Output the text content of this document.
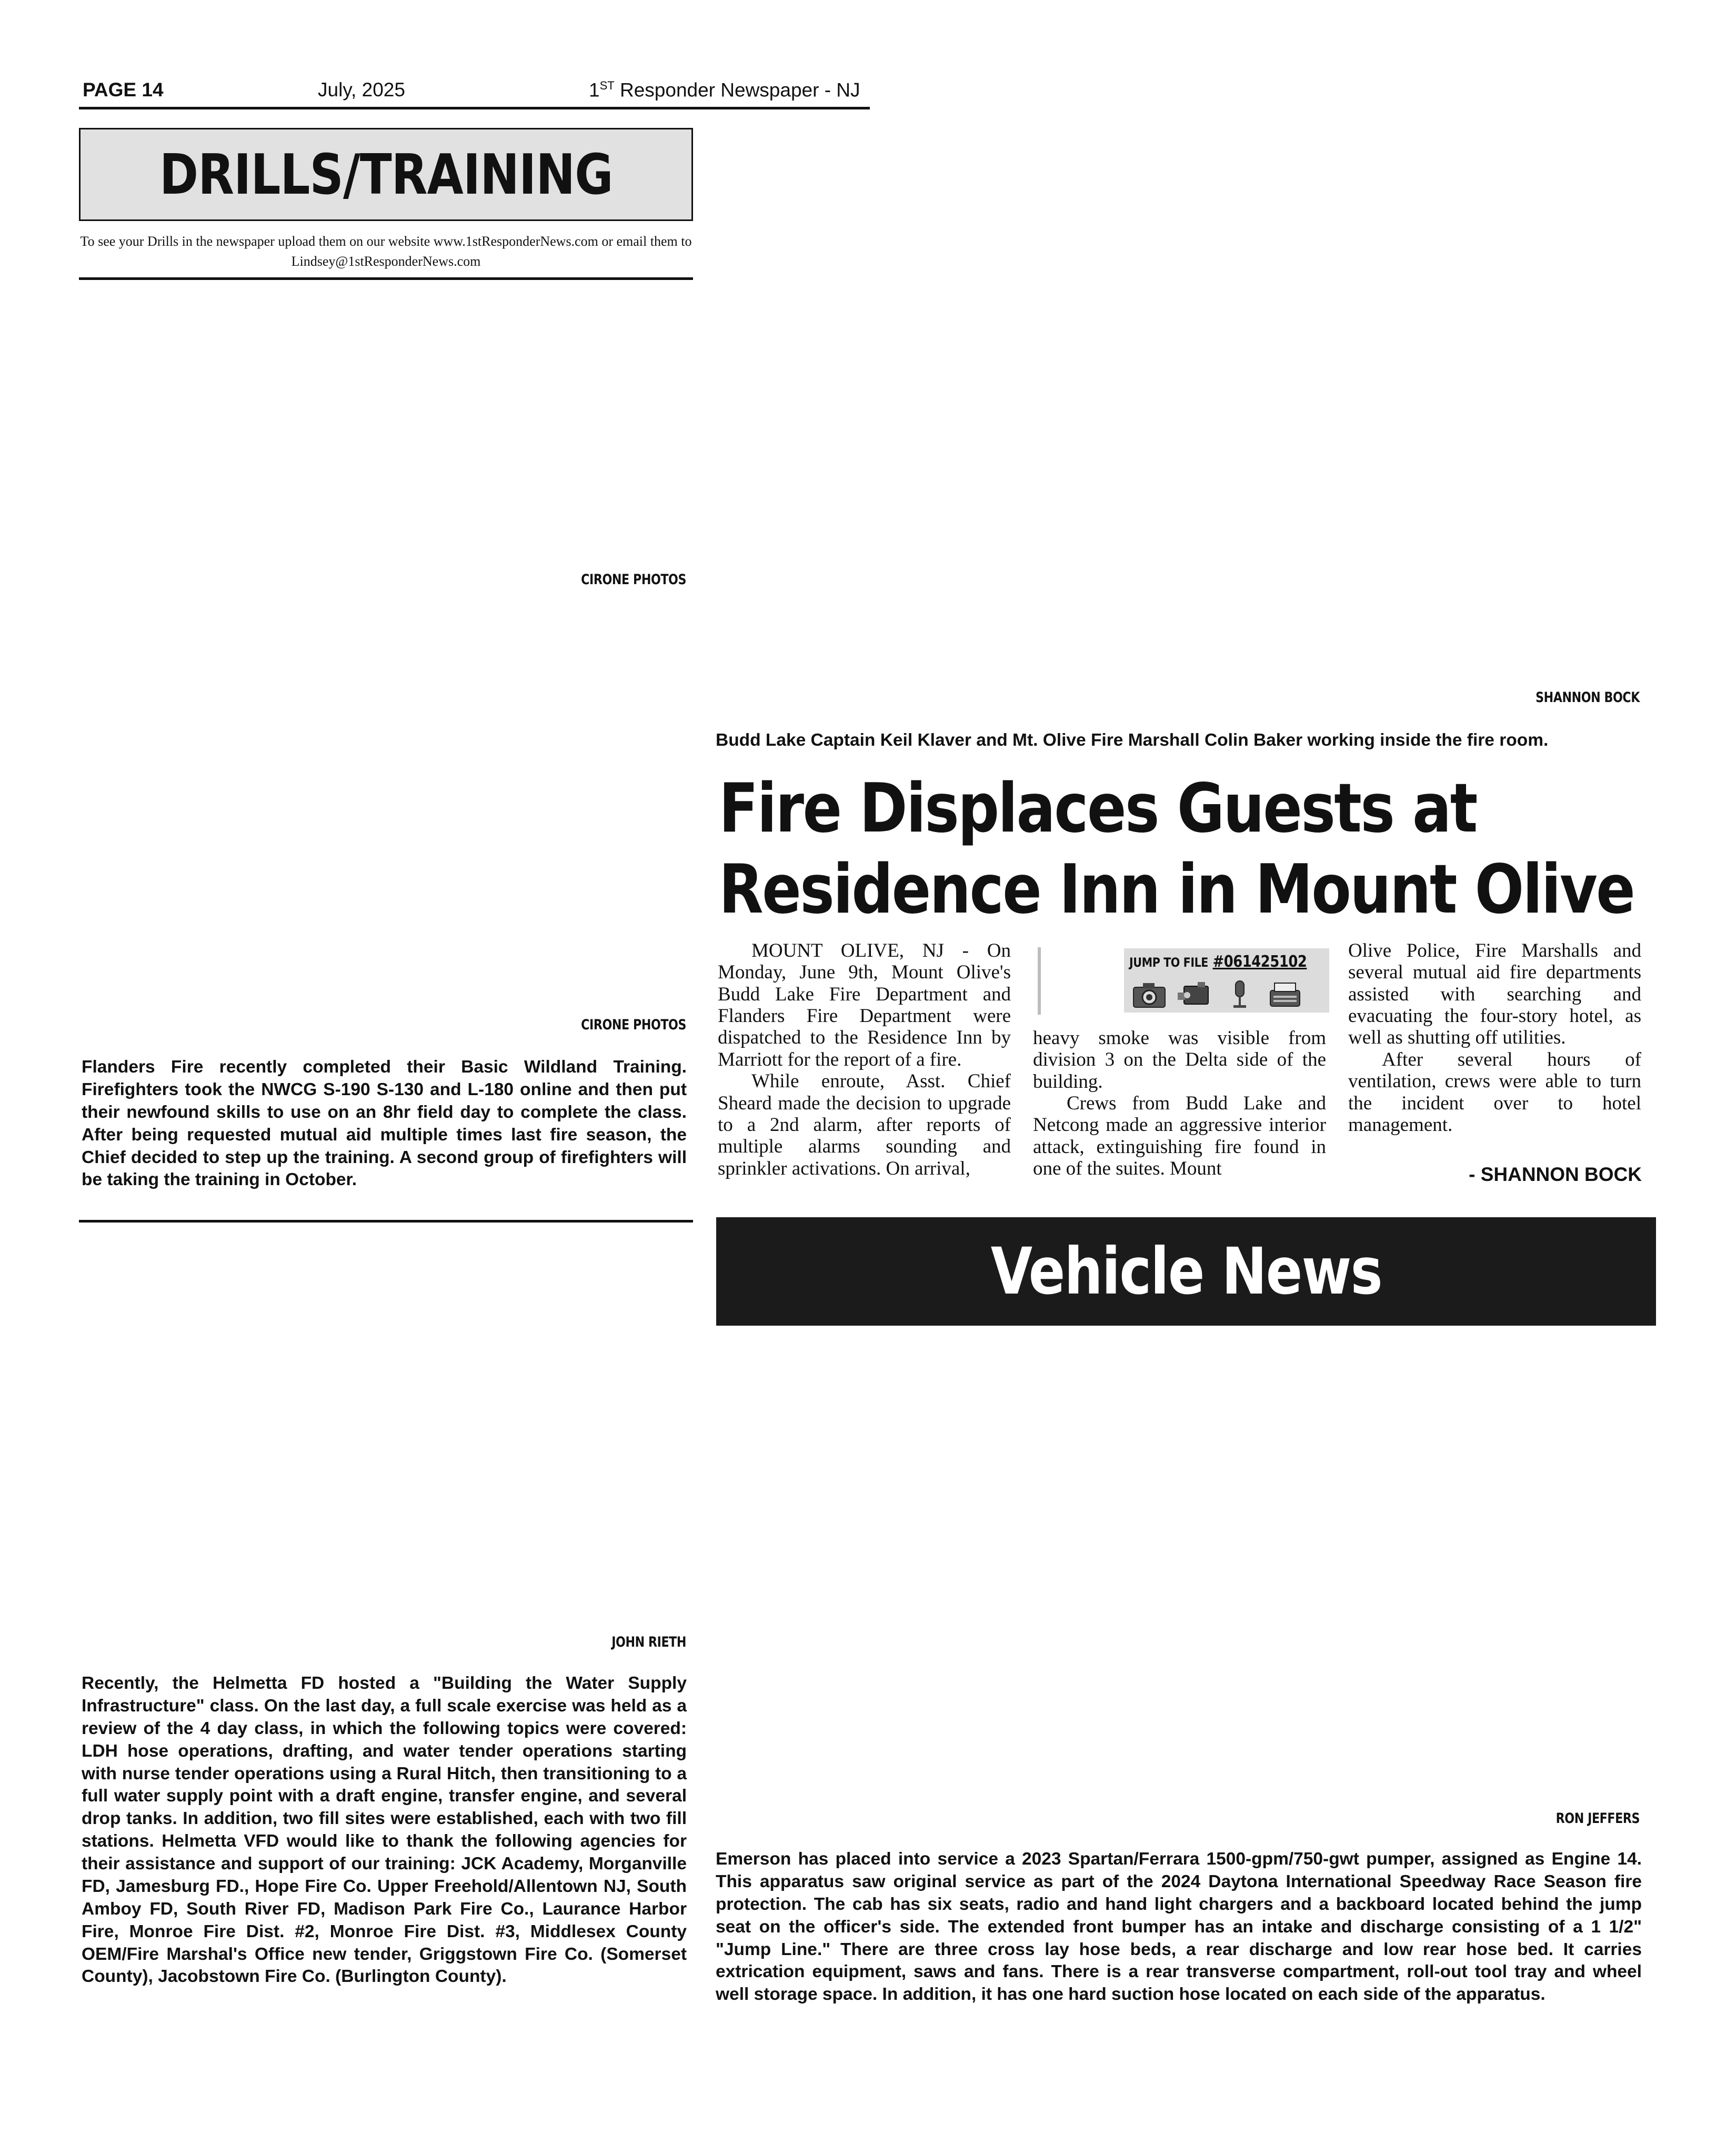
PAGE 14	July, 2025	1ST Responder Newspaper - NJ
DRILLS/TRAINING
To see your Drills in the newspaper upload them on our website www.1stResponderNews.com or email them to Lindsey@1stResponderNews.com
CIRONE PHOTOS
CIRONE PHOTOS
Flanders Fire recently completed their Basic Wildland Training. Firefighters took the NWCG S-190 S-130 and L-180 online and then put their newfound skills to use on an 8hr field day to complete the class. After being requested mutual aid multiple times last fire season, the Chief decided to step up the training. A second group of firefighters will be taking the training in October.
JOHN RIETH
Recently, the Helmetta FD hosted a "Building the Water Supply Infrastructure" class. On the last day, a full scale exercise was held as a review of the 4 day class, in which the following topics were covered: LDH hose operations, drafting, and water tender operations starting with nurse tender operations using a Rural Hitch, then transitioning to a full water supply point with a draft engine, transfer engine, and several drop tanks. In addition, two fill sites were established, each with two fill stations. Helmetta VFD would like to thank the following agencies for their assistance and support of our training: JCK Academy, Morganville FD, Jamesburg FD., Hope Fire Co. Upper Freehold/Allentown NJ, South Amboy FD, South River FD, Madison Park Fire Co., Laurance Harbor Fire, Monroe Fire Dist. #2, Monroe Fire Dist. #3, Middlesex County OEM/Fire Marshal's Office new tender, Griggstown Fire Co. (Somerset County), Jacobstown Fire Co. (Burlington County).
SHANNON BOCK
Budd Lake Captain Keil Klaver and Mt. Olive Fire Marshall Colin Baker working inside the fire room.
Fire Displaces Guests at Residence Inn in Mount Olive

MOUNT OLIVE, NJ - On Monday, June 9th, Mount Olive's Budd Lake Fire Department and Flanders Fire Department were dispatched to the Residence Inn by Marriott for the report of a fire.

While enroute, Asst. Chief Sheard made the decision to upgrade to a 2nd alarm, after reports of multiple alarms sounding and sprinkler activations. On arrival,

JUMP TO FILE #061425102

heavy smoke was visible from division 3 on the Delta side of the building.

Crews from Budd Lake and Netcong made an aggressive interior attack, extinguishing fire found in one of the suites. Mount

Olive Police, Fire Marshalls and several mutual aid fire departments assisted with searching and evacuating the four-story hotel, as well as shutting off utilities.

After several hours of ventilation, crews were able to turn the incident over to hotel management.

- SHANNON BOCK
Vehicle News
RON JEFFERS
Emerson has placed into service a 2023 Spartan/Ferrara 1500-gpm/750-gwt pumper, assigned as Engine 14. This apparatus saw original service as part of the 2024 Daytona International Speedway Race Season fire protection. The cab has six seats, radio and hand light chargers and a backboard located behind the jump seat on the officer's side. The extended front bumper has an intake and discharge consisting of a 1 1/2" "Jump Line." There are three cross lay hose beds, a rear discharge and low rear hose bed. It carries extrication equipment, saws and fans. There is a rear transverse compartment, roll-out tool tray and wheel well storage space. In addition, it has one hard suction hose located on each side of the apparatus.
